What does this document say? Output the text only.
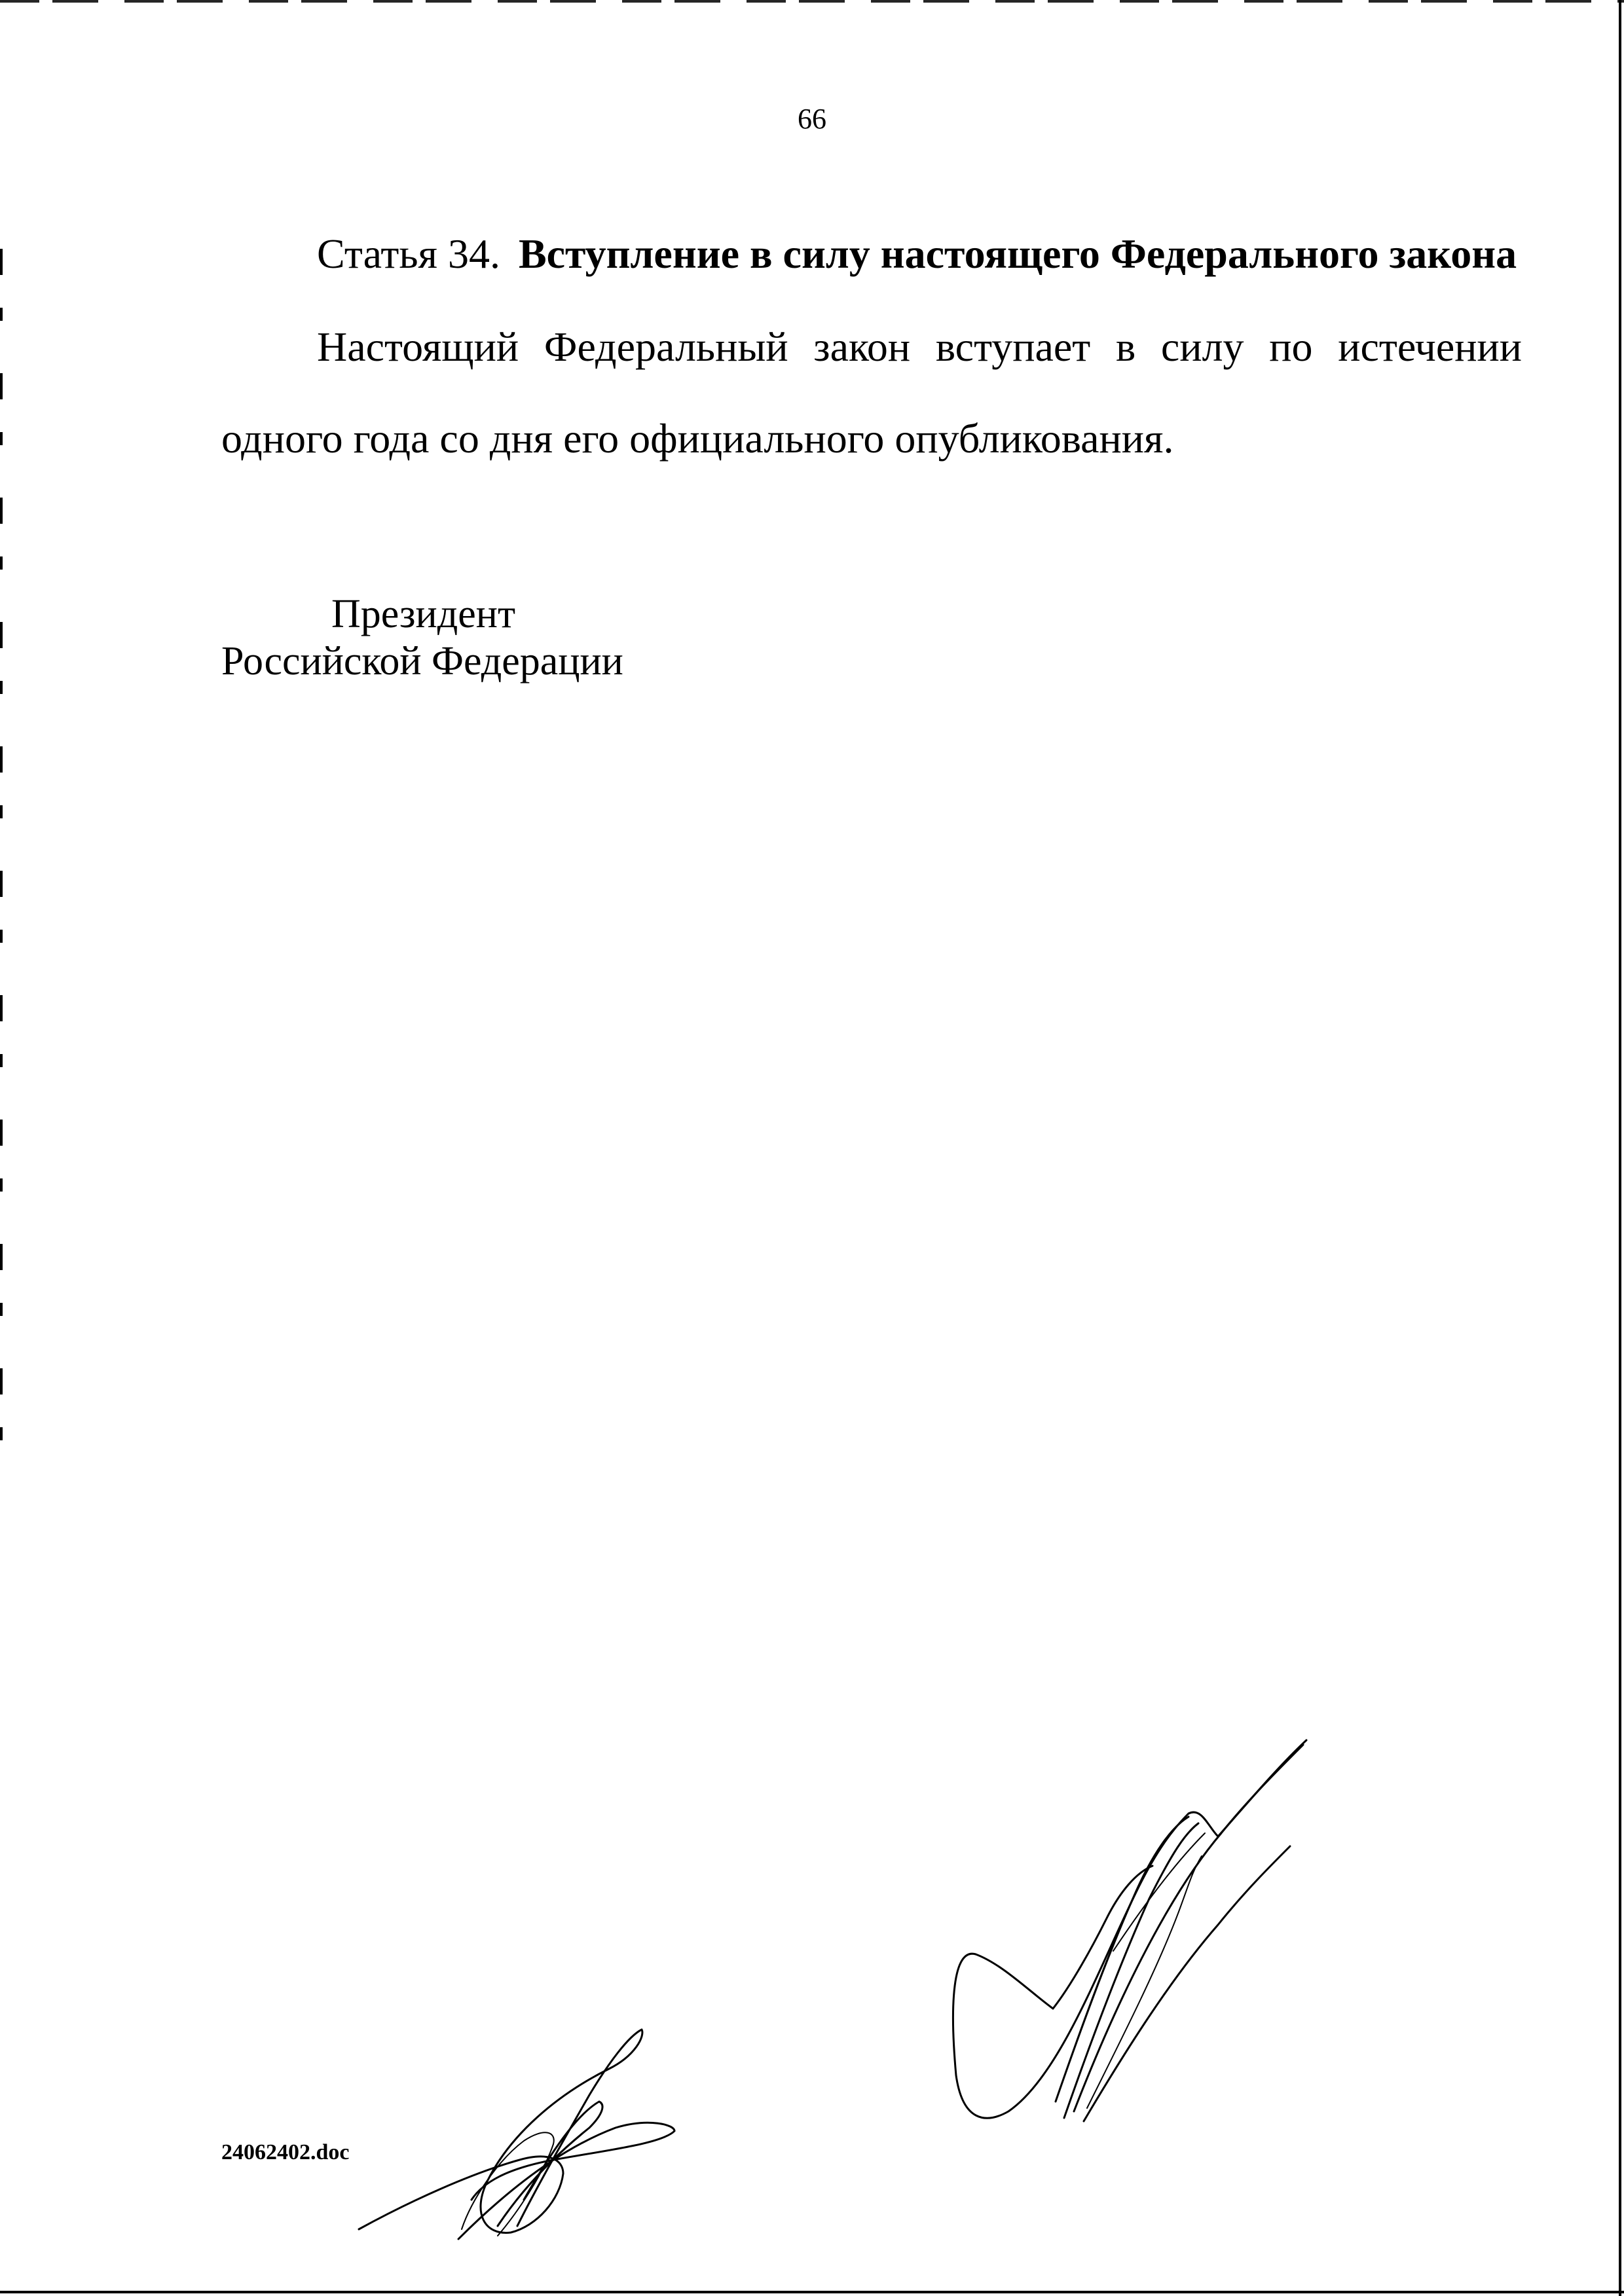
66
Статья 34. Вступление в силу настоящего Федерального закона
Настоящий Федеральный закон вступает в силу по истечении
одного года со дня его официального опубликования.
Президент
Российской Федерации
24062402.doc
